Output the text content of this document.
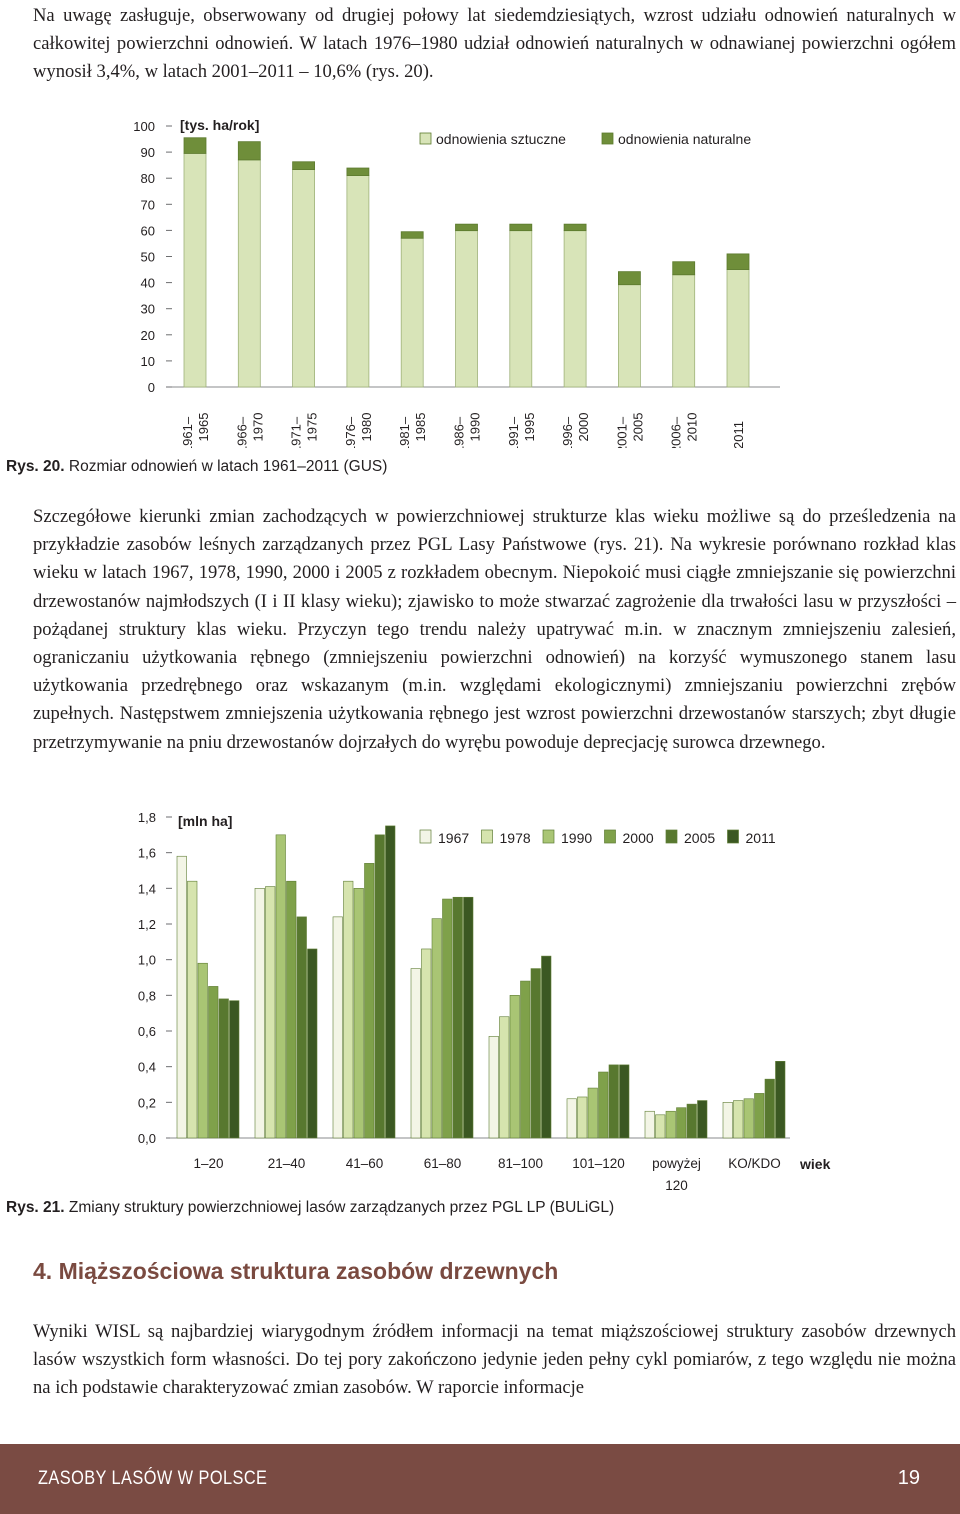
Na uwagę zasługuje, obserwowany od drugiej połowy lat siedemdziesiątych, wzrost udziału odnowień naturalnych w całkowitej powierzchni odnowień. W latach 1976–1980 udział odnowień naturalnych w odnawianej powierzchni ogółem wynosił 3,4%, w latach 2001–2011 – 10,6% (rys. 20).

100
90
80
70
60
50
40
30
20
10
0
[tys. ha/rok]
1961– 1965 1966– 1970 1971– 1975 1976– 1980 1981– 1985 1986– 1990 1991– 1995 1996– 2000 2001– 2005 2006– 2010 2011
odnowienia sztuczne	odnowienia naturalne
Rys. 20. Rozmiar odnowień w latach 1961–2011 (GUS)

Szczegółowe kierunki zmian zachodzących w powierzchniowej strukturze klas wieku możliwe są do prześledzenia na przykładzie zasobów leśnych zarządzanych przez PGL Lasy Państwowe (rys. 21). Na wykresie porównano rozkład klas wieku w latach 1967, 1978, 1990, 2000 i 2005 z rozkładem obecnym. Niepokoić musi ciągłe zmniejszanie się powierzchni drzewostanów najmłodszych (I i II klasy wieku); zjawisko to może stwarzać zagrożenie dla trwałości lasu w przyszłości – pożądanej struktury klas wieku. Przyczyn tego trendu należy upatrywać m.in. w znacznym zmniejszeniu zalesień, ograniczaniu użytkowania rębnego (zmniejszeniu powierzchni odnowień) na korzyść wymuszonego stanem lasu użytkowania przedrębnego oraz wskazanym (m.in. względami ekologicznymi) zmniejszaniu powierzchni zrębów zupełnych. Następstwem zmniejszenia użytkowania rębnego jest wzrost powierzchni drzewostanów starszych; zbyt długie przetrzymywanie na pniu drzewostanów dojrzałych do wyrębu powoduje deprecjację surowca drzewnego.

1,8
1,6
1,4
1,2
1,0
0,8
0,6
0,4
0,2
0,0
[mln ha]
1–20	21–40	41–60	61–80	81–100 101–120 powyżej
120
KO/KDO wiek
1967 1978 1990 2000 2005 2011
Rys. 21. Zmiany struktury powierzchniowej lasów zarządzanych przez PGL LP (BULiGL)
4. Miąższościowa struktura zasobów drzewnych

Wyniki WISL są najbardziej wiarygodnym źródłem informacji na temat miąższościowej struktury zasobów drzewnych lasów wszystkich form własności. Do tej pory zakończono jedynie jeden pełny cykl pomiarów, z tego względu nie można na ich podstawie charakteryzować zmian zasobów. W raporcie informacje

ZASOBY LASÓW W POLSCE	19
